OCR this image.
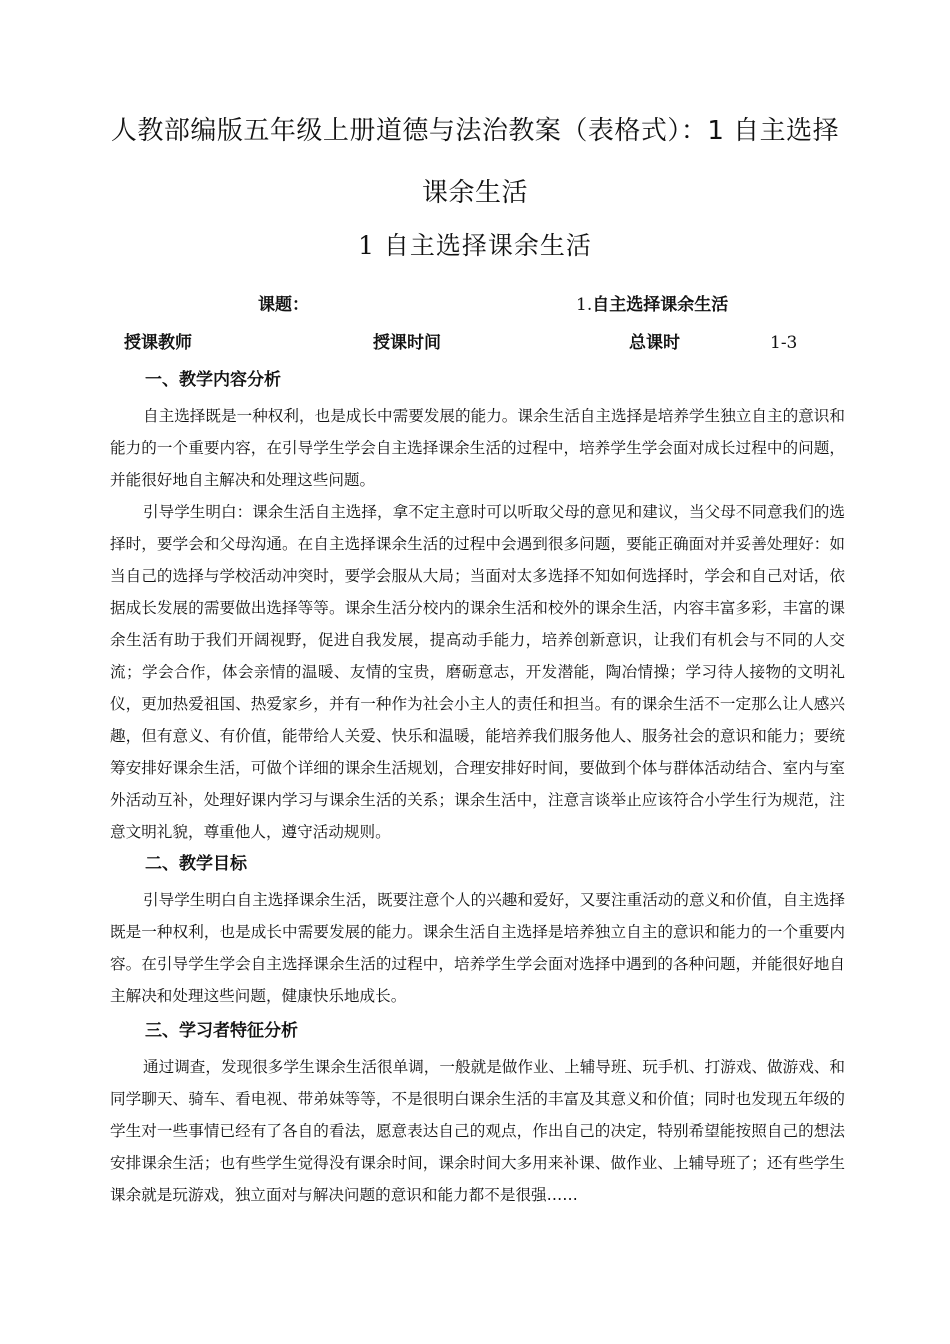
人教部编版五年级上册道德与法治教案（表格式）：1 自主选择课余生活
1 自主选择课余生活
课题：	1.自主选择课余生活
授课教师	授课时间	总课时	1-3
一、教学内容分析

自主选择既是一种权利，也是成长中需要发展的能力。课余生活自主选择是培养学生独立自主的意识和能力的一个重要内容，在引导学生学会自主选择课余生活的过程中，培养学生学会面对成长过程中的问题，并能很好地自主解决和处理这些问题。

引导学生明白：课余生活自主选择，拿不定主意时可以听取父母的意见和建议，当父母不同意我们的选择时，要学会和父母沟通。在自主选择课余生活的过程中会遇到很多问题，要能正确面对并妥善处理好：如当自己的选择与学校活动冲突时，要学会服从大局；当面对太多选择不知如何选择时，学会和自己对话，依据成长发展的需要做出选择等等。课余生活分校内的课余生活和校外的课余生活，内容丰富多彩，丰富的课余生活有助于我们开阔视野，促进自我发展，提高动手能力，培养创新意识，让我们有机会与不同的人交流；学会合作，体会亲情的温暖、友情的宝贵，磨砺意志，开发潜能，陶冶情操；学习待人接物的文明礼仪，更加热爱祖国、热爱家乡，并有一种作为社会小主人的责任和担当。有的课余生活不一定那么让人感兴趣，但有意义、有价值，能带给人关爱、快乐和温暖，能培养我们服务他人、服务社会的意识和能力；要统筹安排好课余生活，可做个详细的课余生活规划，合理安排好时间，要做到个体与群体活动结合、室内与室外活动互补，处理好课内学习与课余生活的关系；课余生活中，注意言谈举止应该符合小学生行为规范，注意文明礼貌，尊重他人，遵守活动规则。

二、教学目标

引导学生明白自主选择课余生活，既要注意个人的兴趣和爱好，又要注重活动的意义和价值，自主选择既是一种权利，也是成长中需要发展的能力。课余生活自主选择是培养独立自主的意识和能力的一个重要内容。在引导学生学会自主选择课余生活的过程中，培养学生学会面对选择中遇到的各种问题，并能很好地自主解决和处理这些问题，健康快乐地成长。

三、学习者特征分析

通过调查，发现很多学生课余生活很单调，一般就是做作业、上辅导班、玩手机、打游戏、做游戏、和同学聊天、骑车、看电视、带弟妹等等，不是很明白课余生活的丰富及其意义和价值；同时也发现五年级的学生对一些事情已经有了各自的看法，愿意表达自己的观点，作出自己的决定，特别希望能按照自己的想法安排课余生活；也有些学生觉得没有课余时间，课余时间大多用来补课、做作业、上辅导班了；还有些学生课余就是玩游戏，独立面对与解决问题的意识和能力都不是很强……
